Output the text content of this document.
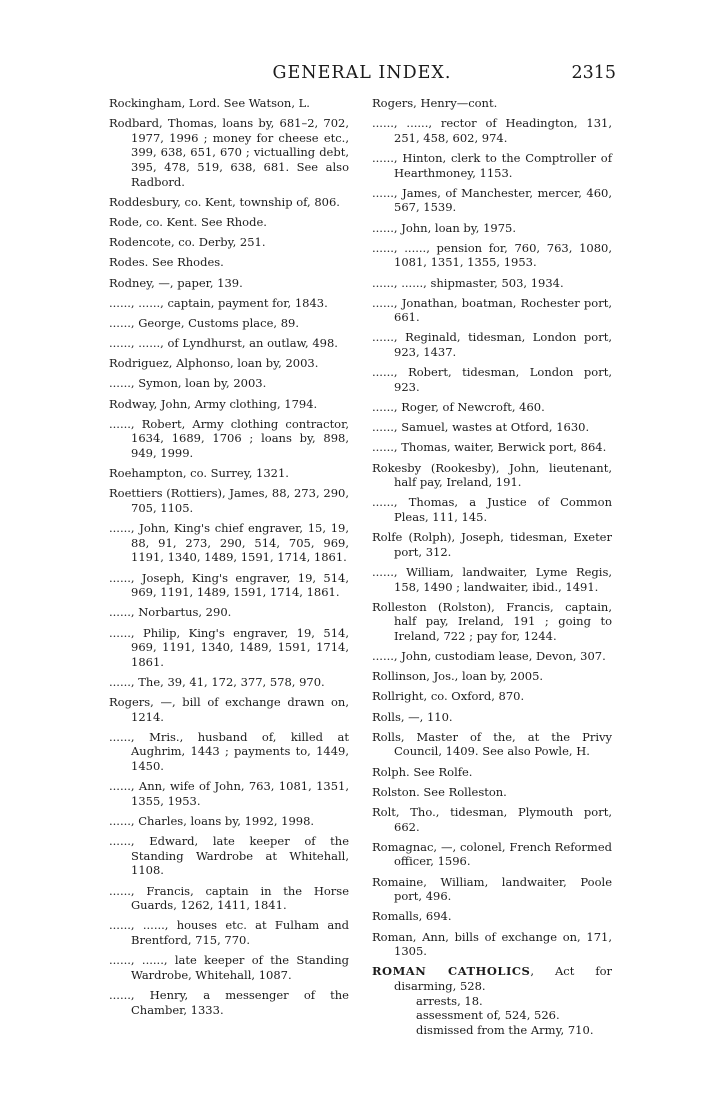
GENERAL INDEX.	2315

Rockingham, Lord. See Watson, L.

Rodbard, Thomas, loans by, 681–2, 702, 1977, 1996 ; money for cheese etc., 399, 638, 651, 670 ; victualling debt, 395, 478, 519, 638, 681. See also Radbord.

Roddesbury, co. Kent, township of, 806.

Rode, co. Kent. See Rhode.

Rodencote, co. Derby, 251.

Rodes. See Rhodes.

Rodney, —, paper, 139.

......, ......, captain, payment for, 1843.

......, George, Customs place, 89.

......, ......, of Lyndhurst, an outlaw, 498.

Rodriguez, Alphonso, loan by, 2003.

......, Symon, loan by, 2003.

Rodway, John, Army clothing, 1794.

......, Robert, Army clothing contractor, 1634, 1689, 1706 ; loans by, 898, 949, 1999.

Roehampton, co. Surrey, 1321.

Roettiers (Rottiers), James, 88, 273, 290, 705, 1105.

......, John, King's chief engraver, 15, 19, 88, 91, 273, 290, 514, 705, 969, 1191, 1340, 1489, 1591, 1714, 1861.

......, Joseph, King's engraver, 19, 514, 969, 1191, 1489, 1591, 1714, 1861.

......, Norbartus, 290.

......, Philip, King's engraver, 19, 514, 969, 1191, 1340, 1489, 1591, 1714, 1861.

......, The, 39, 41, 172, 377, 578, 970.

Rogers, —, bill of exchange drawn on, 1214.

......, Mris., husband of, killed at Aughrim, 1443 ; payments to, 1449, 1450.

......, Ann, wife of John, 763, 1081, 1351, 1355, 1953.

......, Charles, loans by, 1992, 1998.

......, Edward, late keeper of the Standing Wardrobe at Whitehall, 1108.

......, Francis, captain in the Horse Guards, 1262, 1411, 1841.

......, ......, houses etc. at Fulham and Brentford, 715, 770.

......, ......, late keeper of the Standing Wardrobe, Whitehall, 1087.

......, Henry, a messenger of the Chamber, 1333.

Rogers, Henry—cont.

......, ......, rector of Headington, 131, 251, 458, 602, 974.

......, Hinton, clerk to the Comptroller of Hearthmoney, 1153.

......, James, of Manchester, mercer, 460, 567, 1539.

......, John, loan by, 1975.

......, ......, pension for, 760, 763, 1080, 1081, 1351, 1355, 1953.

......, ......, shipmaster, 503, 1934.

......, Jonathan, boatman, Rochester port, 661.

......, Reginald, tidesman, London port, 923, 1437.

......, Robert, tidesman, London port, 923.

......, Roger, of Newcroft, 460.

......, Samuel, wastes at Otford, 1630.

......, Thomas, waiter, Berwick port, 864.

Rokesby (Rookesby), John, lieutenant, half pay, Ireland, 191.

......, Thomas, a Justice of Common Pleas, 111, 145.

Rolfe (Rolph), Joseph, tidesman, Exeter port, 312.

......, William, landwaiter, Lyme Regis, 158, 1490 ; landwaiter, ibid., 1491.

Rolleston (Rolston), Francis, captain, half pay, Ireland, 191 ; going to Ireland, 722 ; pay for, 1244.

......, John, custodiam lease, Devon, 307.

Rollinson, Jos., loan by, 2005.

Rollright, co. Oxford, 870.

Rolls, —, 110.

Rolls, Master of the, at the Privy Council, 1409. See also Powle, H.

Rolph. See Rolfe.

Rolston. See Rolleston.

Rolt, Tho., tidesman, Plymouth port, 662.

Romagnac, —, colonel, French Reformed officer, 1596.

Romaine, William, landwaiter, Poole port, 496.

Romalls, 694.

Roman, Ann, bills of exchange on, 171, 1305.

ROMAN CATHOLICS, Act for disarming, 528.

arrests, 18.

assessment of, 524, 526.

dismissed from the Army, 710.
